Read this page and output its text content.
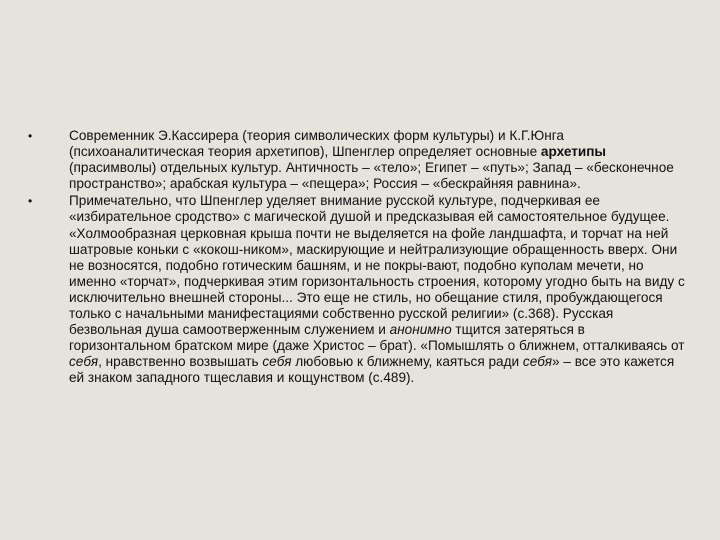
•	Современник Э.Кассирера (теория символических форм культуры) и К.Г.Юнга (психоаналитическая теория архетипов), Шпенглер определяет основные архетипы (прасимволы) отдельных культур. Античность – «тело»; Египет – «путь»; Запад – «бесконечное пространство»; арабская культура – «пещера»; Россия – «бескрайняя равнина».
•	Примечательно, что Шпенглер уделяет внимание русской культуре, подчеркивая ее «избирательное сродство» с магической душой и предсказывая ей самостоятельное будущее. «Холмообразная церковная крыша почти не выделяется на фойе ландшафта, и торчат на ней шатровые коньки с «кокош-ником», маскирующие и нейтрализующие обращенность вверх. Они не возносятся, подобно готическим башням, и не покры-вают, подобно куполам мечети, но именно «торчат», подчеркивая этим горизонтальность строения, которому угодно быть на виду с исключительно внешней стороны... Это еще не стиль, но обещание стиля, пробуждающегося только с начальными манифестациями собственно русской религии» (с.368). Русская безвольная душа самоотверженным служением и анонимно тщится затеряться в горизонтальном братском мире (даже Христос – брат). «Помышлять о ближнем, отталкиваясь от себя, нравственно возвышать себя любовью к ближнему, каяться ради себя» – все это кажется ей знаком западного тщеславия и кощунством (с.489).
